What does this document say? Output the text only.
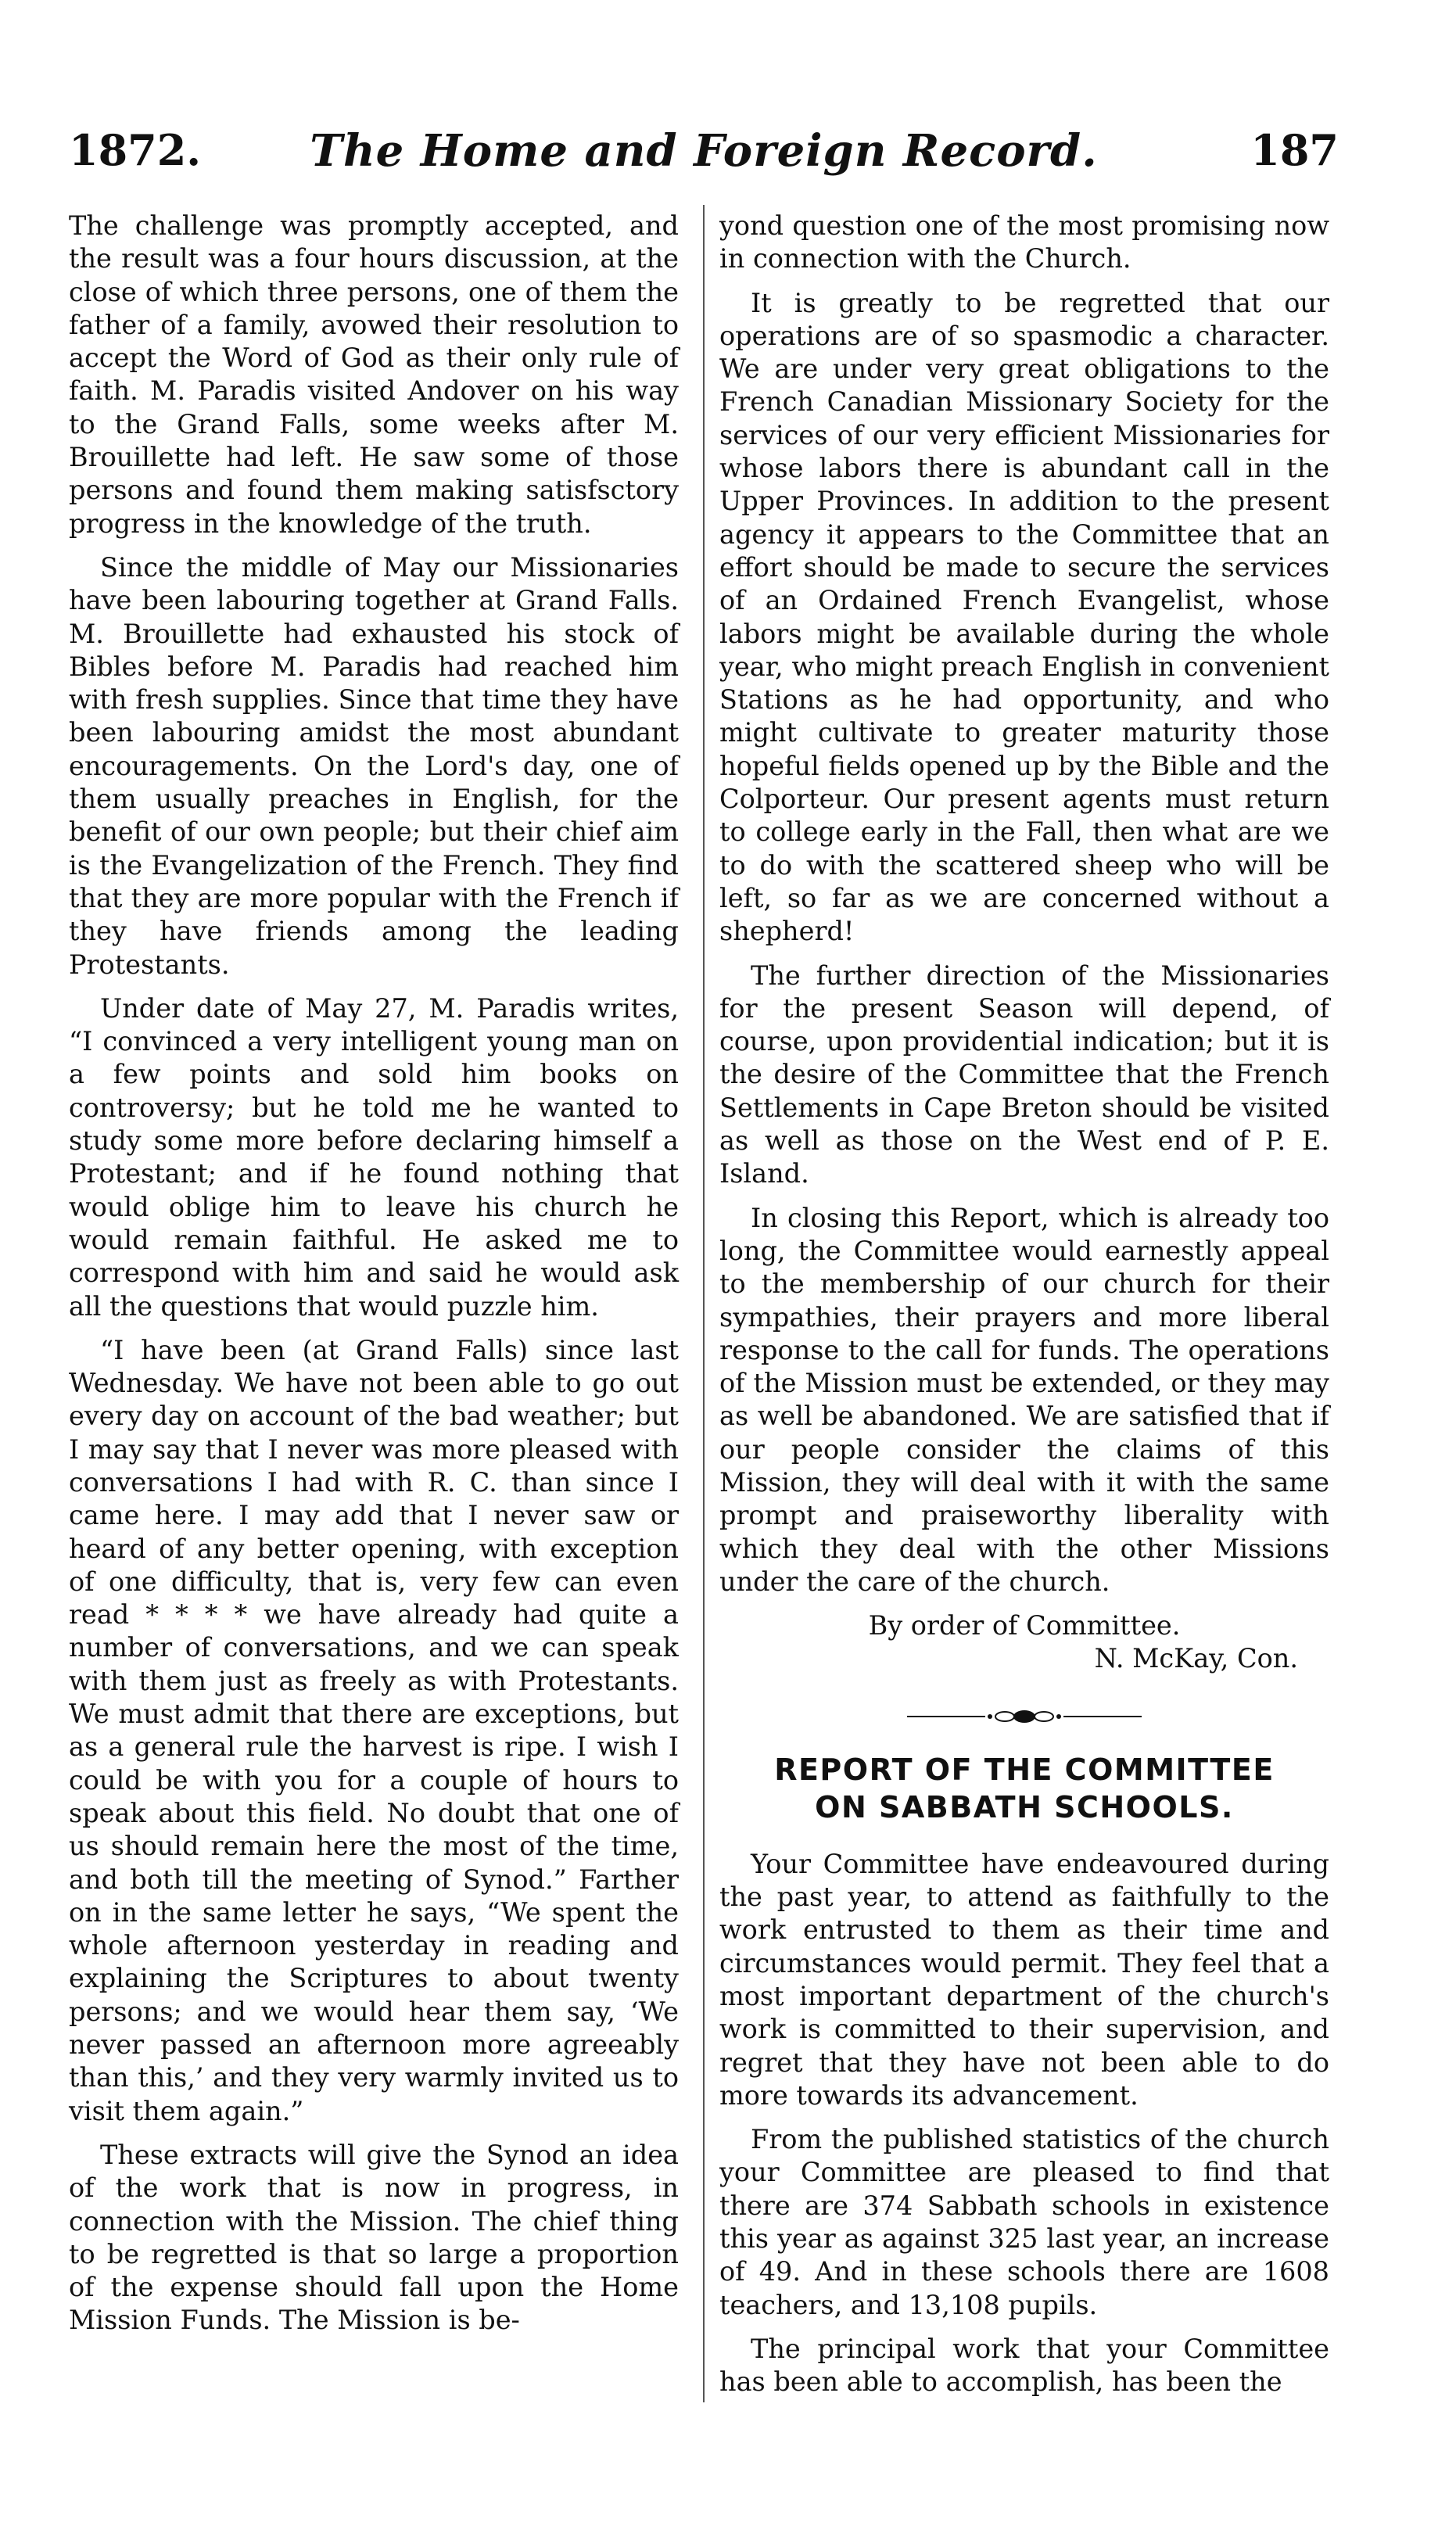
1872.	The Home and Foreign Record.	187

The challenge was promptly accepted, and the result was a four hours discussion, at the close of which three persons, one of them the father of a family, avowed their resolution to accept the Word of God as their only rule of faith. M. Paradis visited Andover on his way to the Grand Falls, some weeks after M. Brouillette had left. He saw some of those persons and found them making satisfsctory progress in the knowledge of the truth.

Since the middle of May our Missionaries have been labouring together at Grand Falls. M. Brouillette had exhausted his stock of Bibles before M. Paradis had reached him with fresh supplies. Since that time they have been labouring amidst the most abundant encouragements. On the Lord's day, one of them usually preaches in English, for the benefit of our own people; but their chief aim is the Evangelization of the French. They find that they are more popular with the French if they have friends among the leading Protestants.

Under date of May 27, M. Paradis writes, “I convinced a very intelligent young man on a few points and sold him books on controversy; but he told me he wanted to study some more before declaring himself a Protestant; and if he found nothing that would oblige him to leave his church he would remain faithful. He asked me to correspond with him and said he would ask all the questions that would puzzle him.

“I have been (at Grand Falls) since last Wednesday. We have not been able to go out every day on account of the bad weather; but I may say that I never was more pleased with conversations I had with R. C. than since I came here. I may add that I never saw or heard of any better opening, with exception of one difficulty, that is, very few can even read * * * * we have already had quite a number of conversations, and we can speak with them just as freely as with Protestants. We must admit that there are exceptions, but as a general rule the harvest is ripe. I wish I could be with you for a couple of hours to speak about this field. No doubt that one of us should remain here the most of the time, and both till the meeting of Synod.” Farther on in the same letter he says, “We spent the whole afternoon yesterday in reading and explaining the Scriptures to about twenty persons; and we would hear them say, ‘We never passed an afternoon more agreeably than this,’ and they very warmly invited us to visit them again.”

These extracts will give the Synod an idea of the work that is now in progress, in connection with the Mission. The chief thing to be regretted is that so large a proportion of the expense should fall upon the Home Mission Funds. The Mission is be-

yond question one of the most promising now in connection with the Church.

It is greatly to be regretted that our operations are of so spasmodic a character. We are under very great obligations to the French Canadian Missionary Society for the services of our very efficient Missionaries for whose labors there is abundant call in the Upper Provinces. In addition to the present agency it appears to the Committee that an effort should be made to secure the services of an Ordained French Evangelist, whose labors might be available during the whole year, who might preach English in convenient Stations as he had opportunity, and who might cultivate to greater maturity those hopeful fields opened up by the Bible and the Colporteur. Our present agents must return to college early in the Fall, then what are we to do with the scattered sheep who will be left, so far as we are concerned without a shepherd!

The further direction of the Missionaries for the present Season will depend, of course, upon providential indication; but it is the desire of the Committee that the French Settlements in Cape Breton should be visited as well as those on the West end of P. E. Island.

In closing this Report, which is already too long, the Committee would earnestly appeal to the membership of our church for their sympathies, their prayers and more liberal response to the call for funds. The operations of the Mission must be extended, or they may as well be abandoned. We are satisfied that if our people consider the claims of this Mission, they will deal with it with the same prompt and praiseworthy liberality with which they deal with the other Missions under the care of the church.

By order of Committee.

N. McKay, Con.

REPORT OF THE COMMITTEE
ON SABBATH SCHOOLS.

Your Committee have endeavoured during the past year, to attend as faithfully to the work entrusted to them as their time and circumstances would permit. They feel that a most important department of the church's work is committed to their supervision, and regret that they have not been able to do more towards its advancement.

From the published statistics of the church your Committee are pleased to find that there are 374 Sabbath schools in existence this year as against 325 last year, an increase of 49. And in these schools there are 1608 teachers, and 13,108 pupils.

The principal work that your Committee has been able to accomplish, has been the
